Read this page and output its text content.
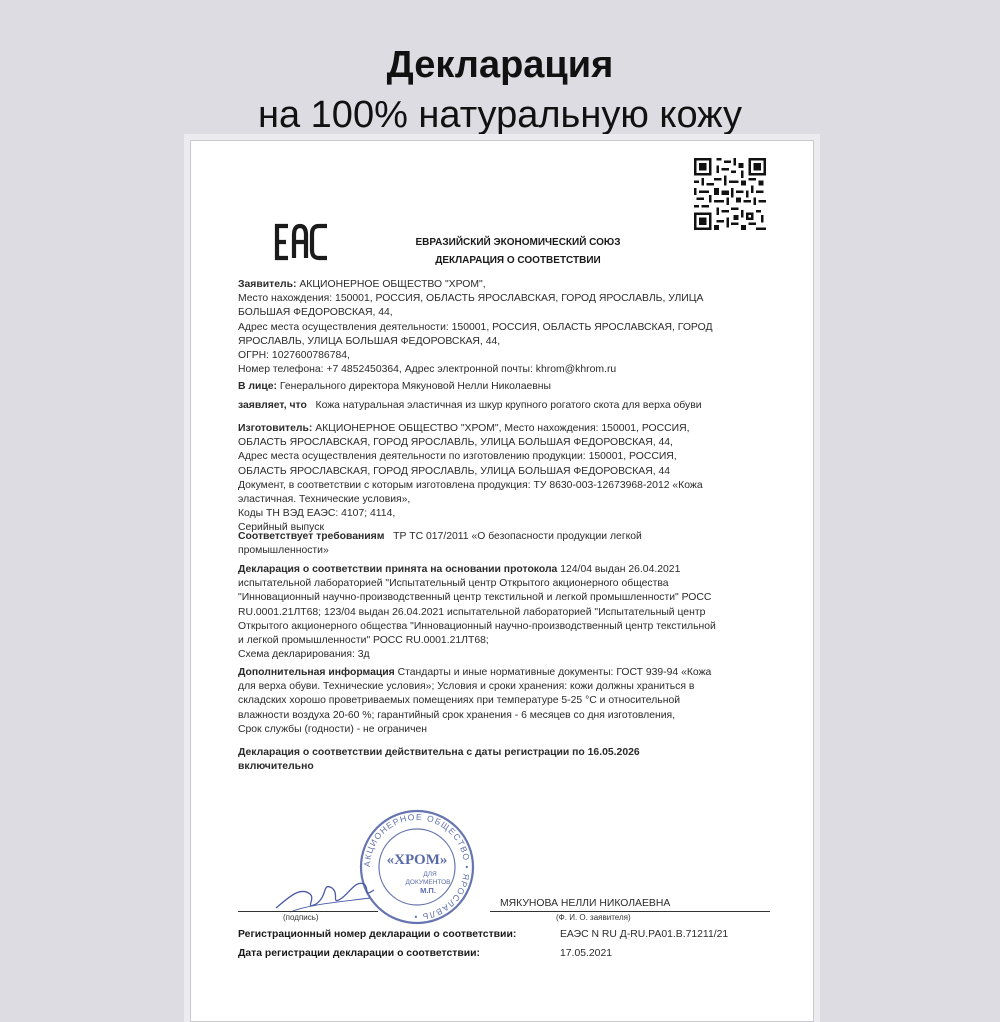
Декларация
на 100% натуральную кожу
ЕВРАЗИЙСКИЙ ЭКОНОМИЧЕСКИЙ СОЮЗ
ДЕКЛАРАЦИЯ О СООТВЕТСТВИИ

Заявитель: АКЦИОНЕРНОЕ ОБЩЕСТВО "ХРОМ",

Место нахождения: 150001, РОССИЯ, ОБЛАСТЬ ЯРОСЛАВСКАЯ, ГОРОД ЯРОСЛАВЛЬ, УЛИЦА

БОЛЬШАЯ ФЕДОРОВСКАЯ, 44,

Адрес места осуществления деятельности: 150001, РОССИЯ, ОБЛАСТЬ ЯРОСЛАВСКАЯ, ГОРОД

ЯРОСЛАВЛЬ, УЛИЦА БОЛЬШАЯ ФЕДОРОВСКАЯ, 44,

ОГРН: 1027600786784,

Номер телефона: +7 4852450364, Адрес электронной почты: khrom@khrom.ru

В лице: Генерального директора Мякуновой Нелли Николаевны

заявляет, что Кожа натуральная эластичная из шкур крупного рогатого скота для верха обуви

Изготовитель: АКЦИОНЕРНОЕ ОБЩЕСТВО "ХРОМ", Место нахождения: 150001, РОССИЯ,

ОБЛАСТЬ ЯРОСЛАВСКАЯ, ГОРОД ЯРОСЛАВЛЬ, УЛИЦА БОЛЬШАЯ ФЕДОРОВСКАЯ, 44,

Адрес места осуществления деятельности по изготовлению продукции: 150001, РОССИЯ,

ОБЛАСТЬ ЯРОСЛАВСКАЯ, ГОРОД ЯРОСЛАВЛЬ, УЛИЦА БОЛЬШАЯ ФЕДОРОВСКАЯ, 44

Документ, в соответствии с которым изготовлена продукция: ТУ 8630-003-12673968-2012 «Кожа

эластичная. Технические условия»,

Коды ТН ВЭД ЕАЭС: 4107; 4114,

Серийный выпуск

Соответствует требованиям ТР ТС 017/2011 «О безопасности продукции легкой

промышленности»

Декларация о соответствии принята на основании протокола 124/04 выдан 26.04.2021

испытательной лабораторией "Испытательный центр Открытого акционерного общества

"Инновационный научно-производственный центр текстильной и легкой промышленности" РОСС

RU.0001.21ЛТ68; 123/04 выдан 26.04.2021 испытательной лабораторией "Испытательный центр

Открытого акционерного общества "Инновационный научно-производственный центр текстильной

и легкой промышленности" РОСС RU.0001.21ЛТ68;

Схема декларирования: 3д

Дополнительная информация Стандарты и иные нормативные документы: ГОСТ 939-94 «Кожа

для верха обуви. Технические условия»; Условия и сроки хранения: кожи должны храниться в

складских хорошо проветриваемых помещениях при температуре 5-25 °С и относительной

влажности воздуха 20-60 %; гарантийный срок хранения - 6 месяцев со дня изготовления,

Срок службы (годности) - не ограничен

Декларация о соответствии действительна с даты регистрации по 16.05.2026

включительно

АКЦИОНЕРНОЕ ОБЩЕСТВО • ЯРОСЛАВЛЬ •
«ХРОМ»
ДЛЯ
ДОКУМЕНТОВ
М.П.
(подпись)
МЯКУНОВА НЕЛЛИ НИКОЛАЕВНА
(Ф. И. О. заявителя)
Регистрационный номер декларации о соответствии:	ЕАЭС N RU Д-RU.РА01.В.71211/21
Дата регистрации декларации о соответствии:	17.05.2021
